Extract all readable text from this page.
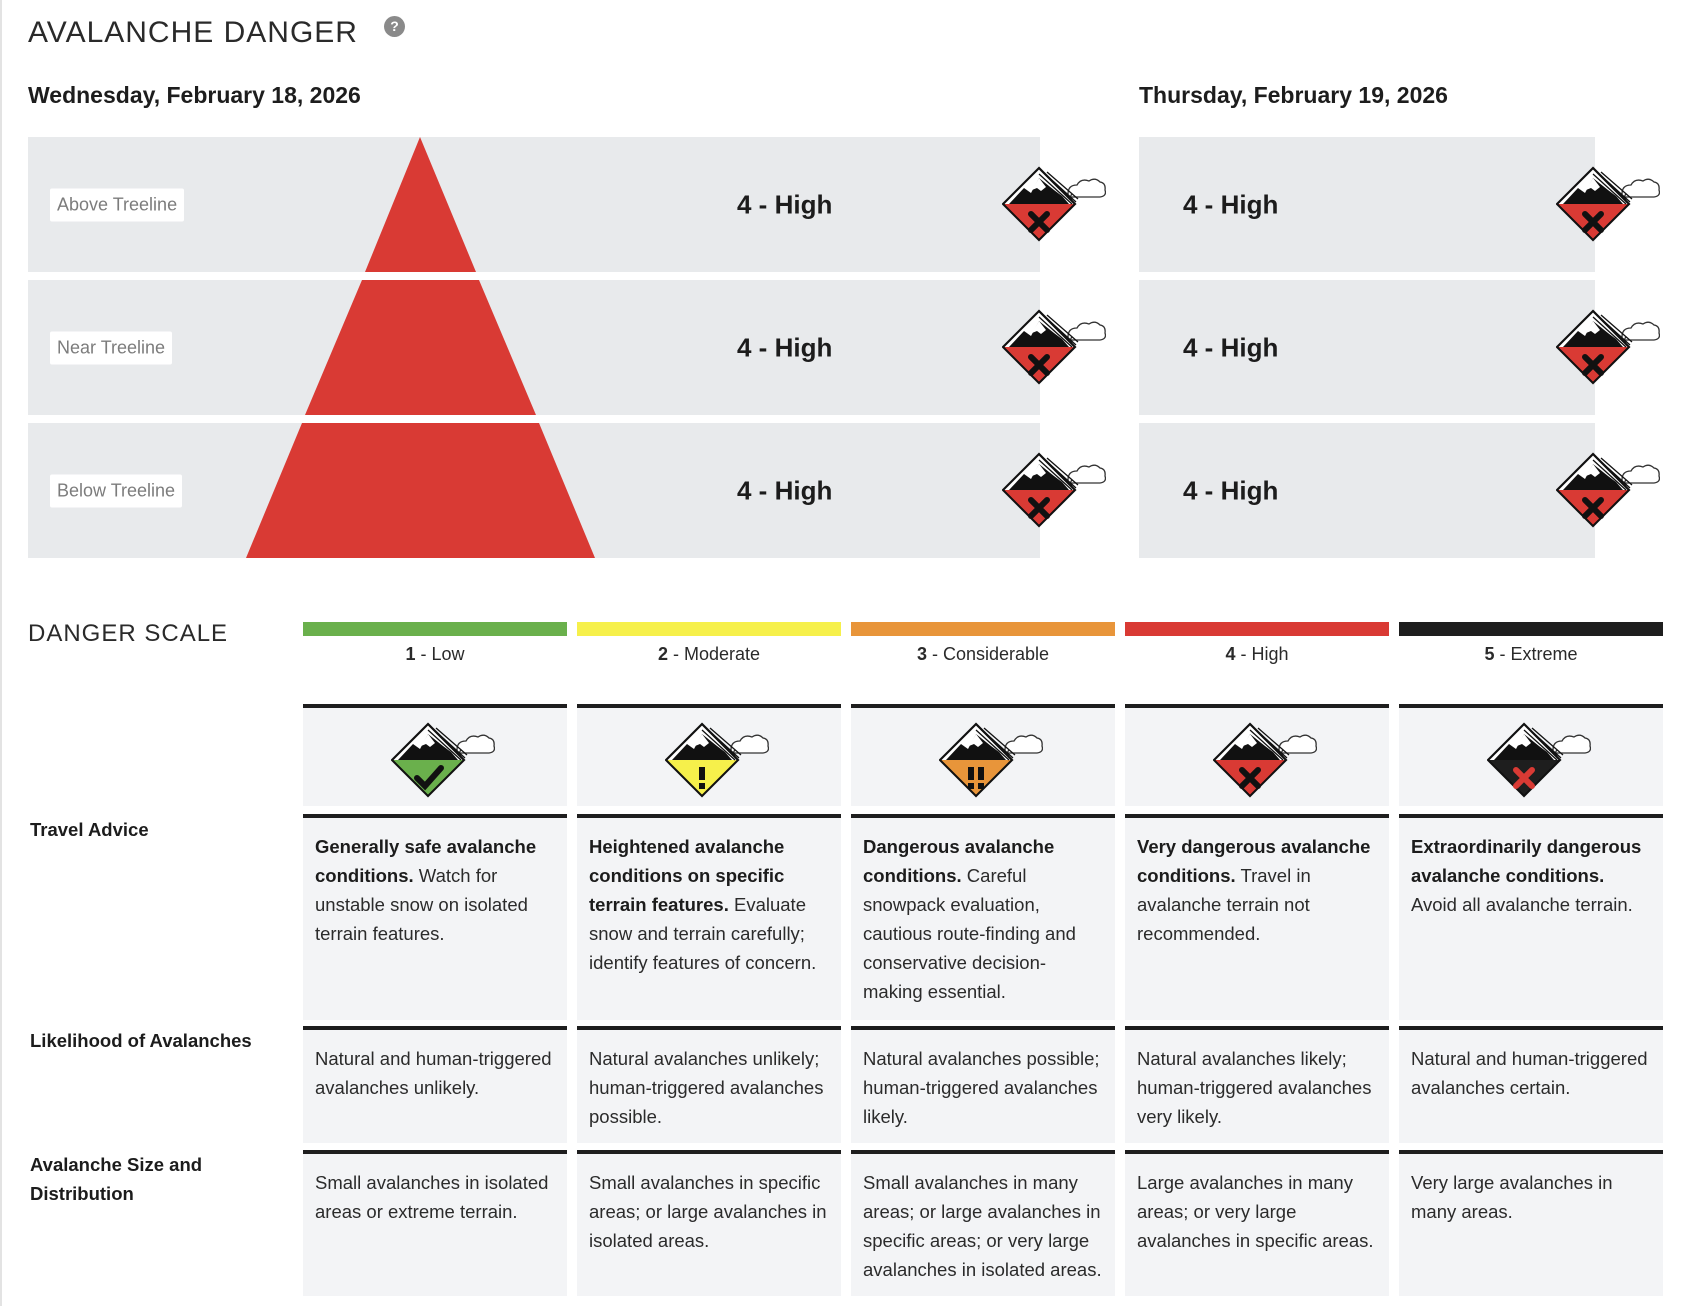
AVALANCHE DANGER	?
Wednesday, February 18, 2026	Thursday, February 19, 2026
Above Treeline
Near Treeline
Below Treeline
4 - High
4 - High
4 - High
4 - High
4 - High
4 - High
DANGER SCALE
Travel Advice
Likelihood of Avalanches
Avalanche Size and
Distribution
1 - Low
Generally safe avalanche conditions. Watch for unstable snow on isolated terrain features.
Natural and human-triggered avalanches unlikely.
Small avalanches in isolated areas or extreme terrain.
2 - Moderate
Heightened avalanche conditions on specific terrain features. Evaluate snow and terrain carefully; identify features of concern.
Natural avalanches unlikely; human-triggered avalanches possible.
Small avalanches in specific areas; or large avalanches in isolated areas.
3 - Considerable
Dangerous avalanche conditions. Careful snowpack evaluation, cautious route-finding and conservative decision-making essential.
Natural avalanches possible; human-triggered avalanches likely.
Small avalanches in many areas; or large avalanches in specific areas; or very large avalanches in isolated areas.
4 - High
Very dangerous avalanche conditions. Travel in avalanche terrain not recommended.
Natural avalanches likely; human-triggered avalanches very likely.
Large avalanches in many areas; or very large avalanches in specific areas.
5 - Extreme
Extraordinarily dangerous avalanche conditions. Avoid all avalanche terrain.
Natural and human-triggered avalanches certain.
Very large avalanches in many areas.
